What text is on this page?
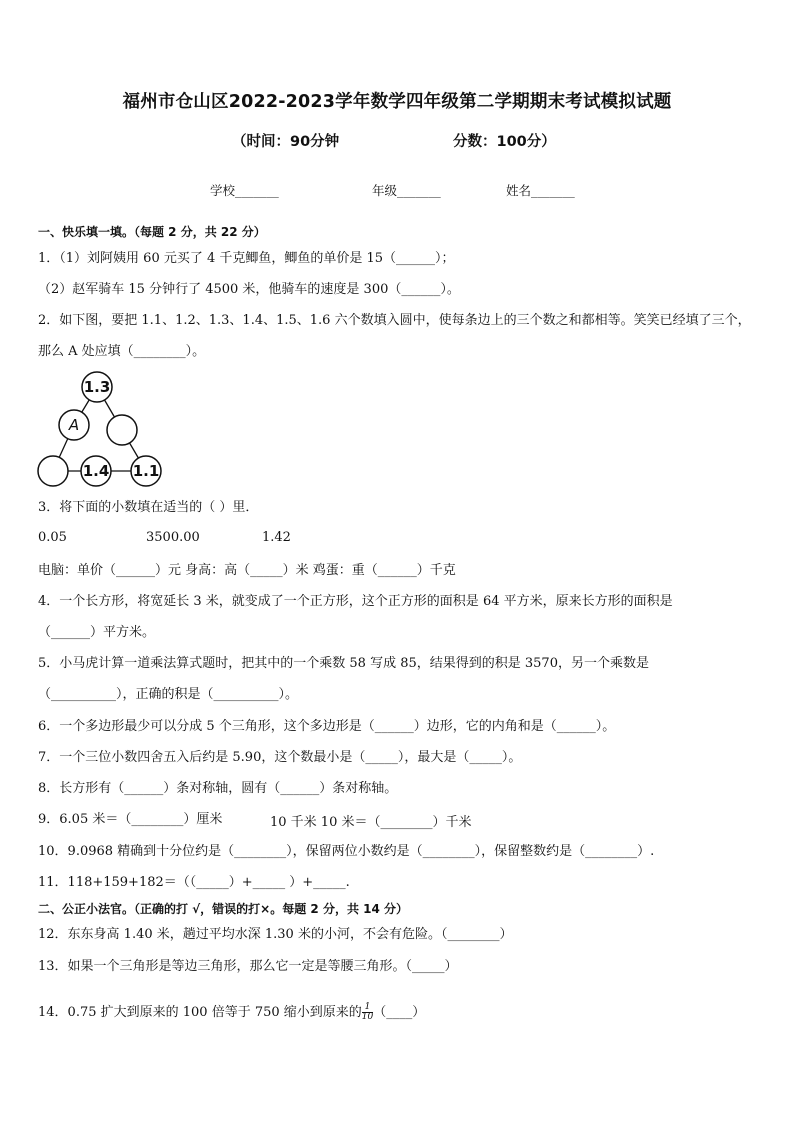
福州市仓山区2022-2023学年数学四年级第二学期期末考试模拟试题
（时间：90分钟	分数：100分）
学校_______	年级_______	姓名_______
一、快乐填一填。（每题 2 分，共 22 分）
1．（1）刘阿姨用 60 元买了 4 千克鲫鱼，鲫鱼的单价是 15（______）；
（2）赵军骑车 15 分钟行了 4500 米，他骑车的速度是 300（______）。
2．如下图，要把 1.1、1.2、1.3、1.4、1.5、1.6 六个数填入圆中，使每条边上的三个数之和都相等。笑笑已经填了三个，
那么 A 处应填（________）。
1.3
A
1.4 1.1
3．将下面的小数填在适当的（ ）里．
0.05	3500.00	1.42
电脑：单价（______）元 身高：高（_____）米 鸡蛋：重（______）千克
4．一个长方形，将宽延长 3 米，就变成了一个正方形，这个正方形的面积是 64 平方米，原来长方形的面积是
（______）平方米。
5．小马虎计算一道乘法算式题时，把其中的一个乘数 58 写成 85，结果得到的积是 3570，另一个乘数是
（__________），正确的积是（__________）。
6．一个多边形最少可以分成 5 个三角形，这个多边形是（______）边形，它的内角和是（______）。
7．一个三位小数四舍五入后约是 5.90，这个数最小是（_____），最大是（_____）。
8．长方形有（______）条对称轴，圆有（______）条对称轴。
9．6.05 米＝（________）厘米	10 千米 10 米＝（________）千米
10．9.0968 精确到十分位约是（________），保留两位小数约是（________），保留整数约是（________）.
11．118+159+182＝（（_____）+_____ ）+_____.
二、公正小法官。（正确的打 √，错误的打×。每题 2 分，共 14 分）
12．东东身高 1.40 米，趟过平均水深 1.30 米的小河，不会有危险。（________）
13．如果一个三角形是等边三角形，那么它一定是等腰三角形。（_____）
14．0.75 扩大到原来的 100 倍等于 750 缩小到原来的 $\frac{1}{10}$ （____）
